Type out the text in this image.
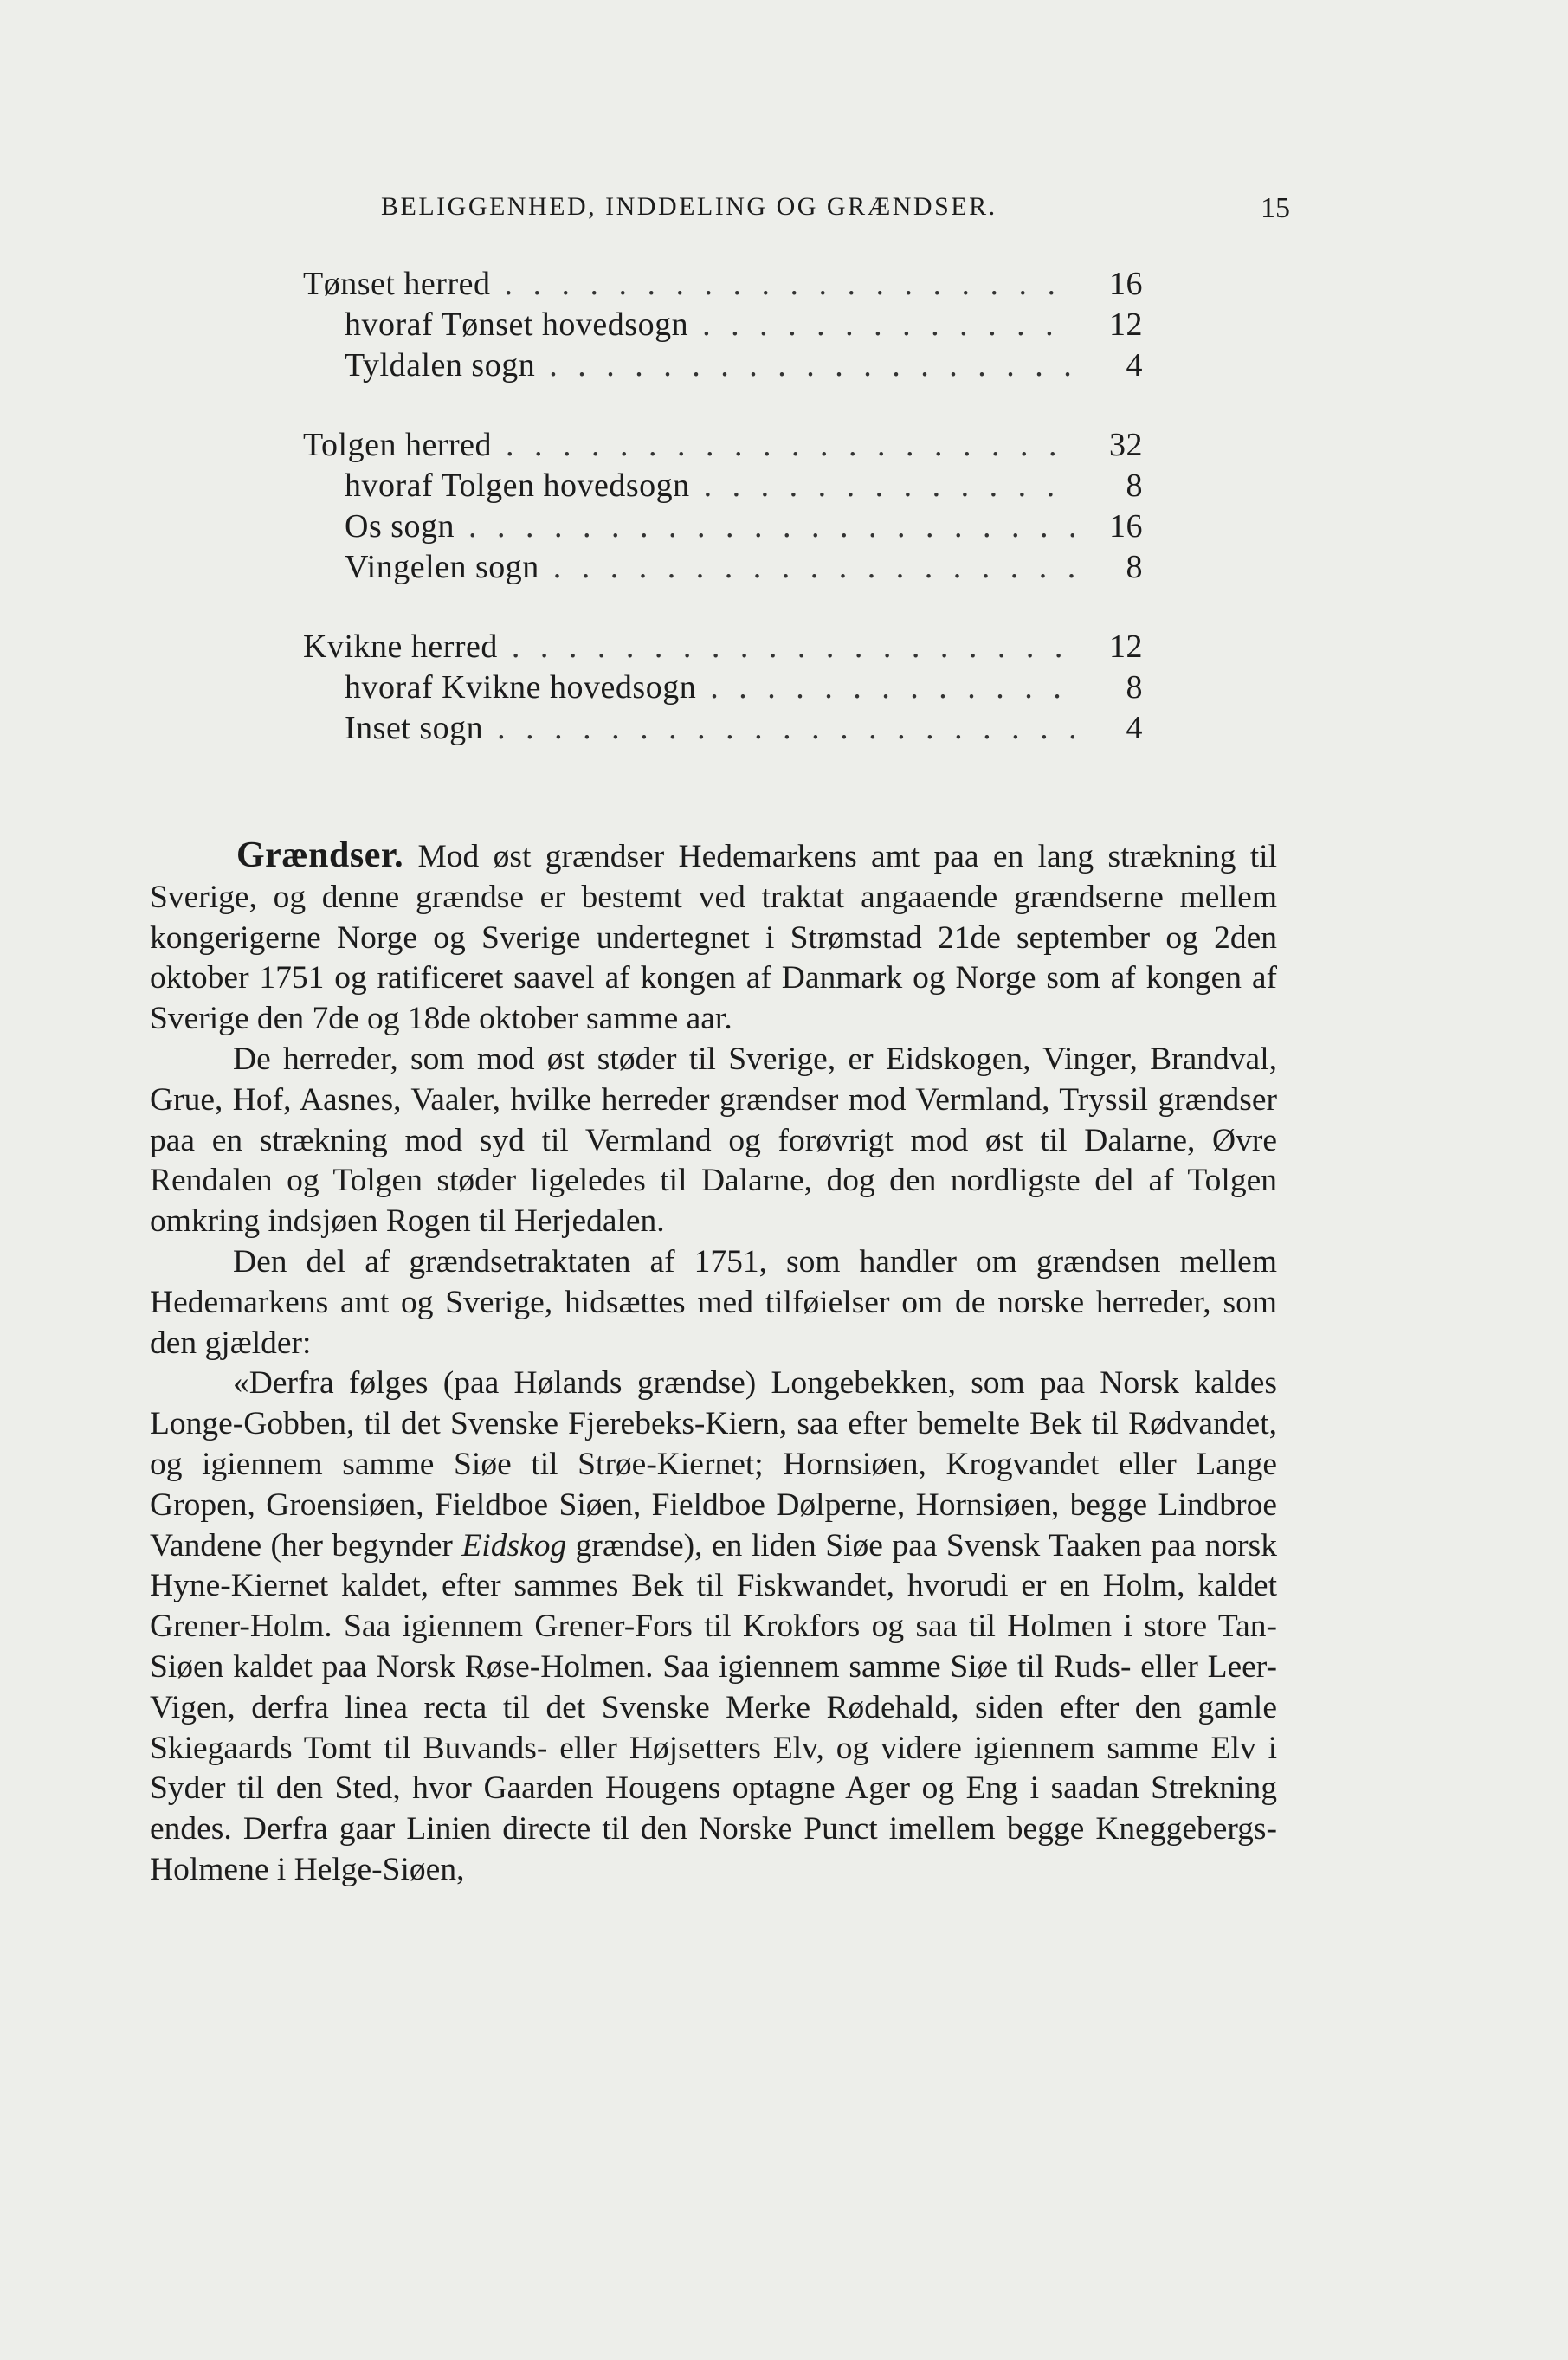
BELIGGENHED, INDDELING OG GRÆNDSER.	15
Tønset herred . . .	16
hvoraf Tønset hovedsogn . . .	12
Tyldalen sogn . . .	4
Tolgen herred . . .	32
hvoraf Tolgen hovedsogn . . .	8
Os sogn . . .	16
Vingelen sogn . . .	8
Kvikne herred . . .	12
hvoraf Kvikne hovedsogn . . .	8
Inset sogn . . .	4

Grændser. Mod øst grændser Hedemarkens amt paa en lang strækning til Sverige, og denne grændse er bestemt ved traktat angaaende grændserne mellem kongerigerne Norge og Sverige undertegnet i Strømstad 21de september og 2den oktober 1751 og ratificeret saavel af kongen af Danmark og Norge som af kongen af Sverige den 7de og 18de oktober samme aar.

De herreder, som mod øst støder til Sverige, er Eidskogen, Vinger, Brandval, Grue, Hof, Aasnes, Vaaler, hvilke herreder grændser mod Vermland, Tryssil grændser paa en strækning mod syd til Vermland og forøvrigt mod øst til Dalarne, Øvre Rendalen og Tolgen støder ligeledes til Dalarne, dog den nordligste del af Tolgen omkring indsjøen Rogen til Herjedalen.

Den del af grændsetraktaten af 1751, som handler om grændsen mellem Hedemarkens amt og Sverige, hidsættes med tilføielser om de norske herreder, som den gjælder:

«Derfra følges (paa Hølands grændse) Longebekken, som paa Norsk kaldes Longe-Gobben, til det Svenske Fjerebeks-Kiern, saa efter bemelte Bek til Rødvandet, og igiennem samme Siøe til Strøe-Kiernet; Hornsiøen, Krogvandet eller Lange Gropen, Groensiøen, Fieldboe Siøen, Fieldboe Dølperne, Hornsiøen, begge Lindbroe Vandene (her begynder Eidskog grændse), en liden Siøe paa Svensk Taaken paa norsk Hyne-Kiernet kaldet, efter sammes Bek til Fiskwandet, hvorudi er en Holm, kaldet Grener-Holm. Saa igiennem Grener-Fors til Krokfors og saa til Holmen i store Tan-Siøen kaldet paa Norsk Røse-Holmen. Saa igiennem samme Siøe til Ruds- eller Leer-Vigen, derfra linea recta til det Svenske Merke Rødehald, siden efter den gamle Skiegaards Tomt til Buvands- eller Højsetters Elv, og videre igiennem samme Elv i Syder til den Sted, hvor Gaarden Hougens optagne Ager og Eng i saadan Strekning endes. Derfra gaar Linien directe til den Norske Punct imellem begge Kneggebergs-Holmene i Helge-Siøen,
